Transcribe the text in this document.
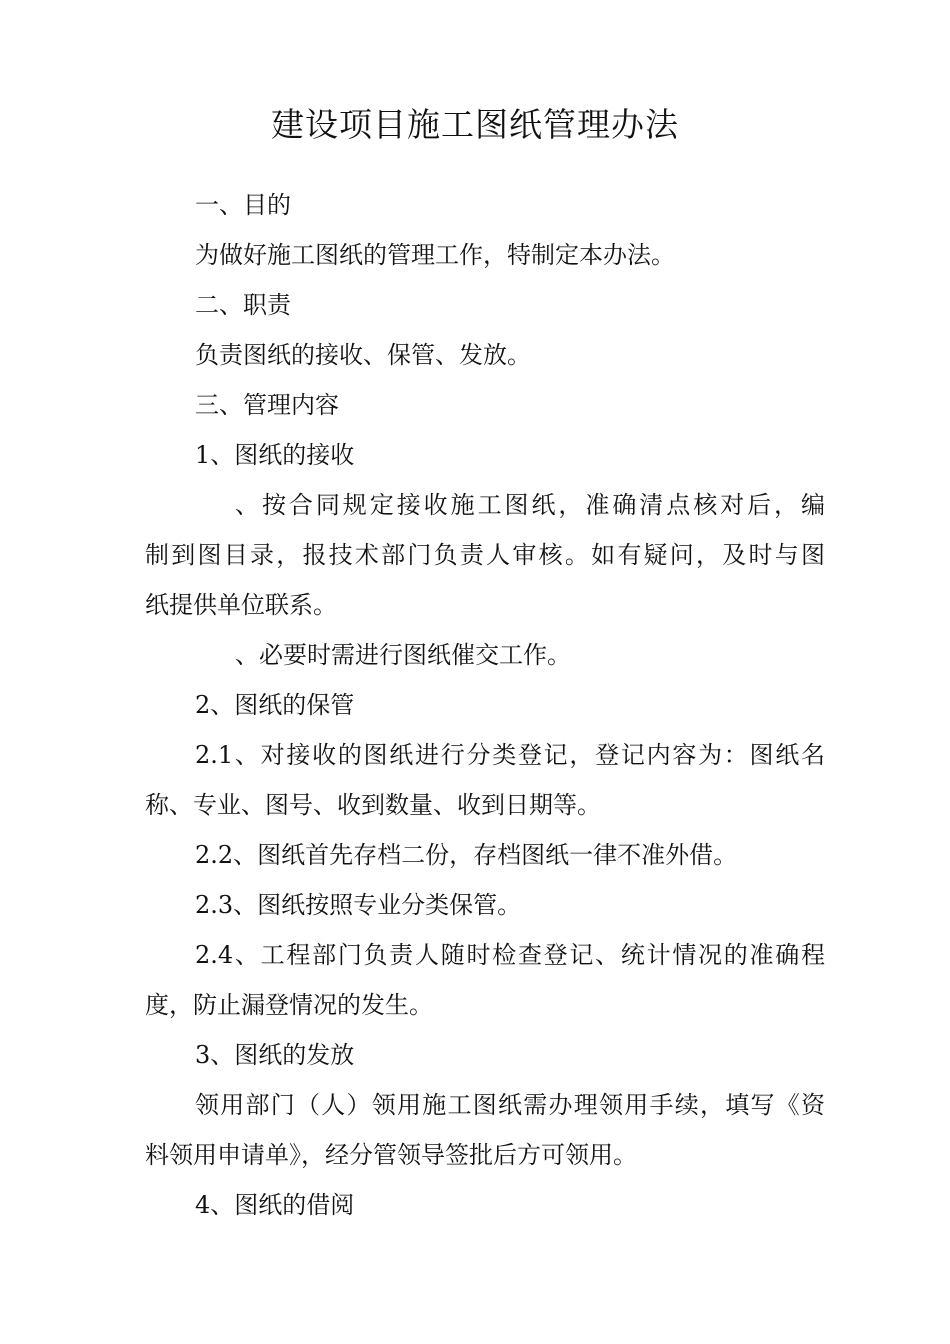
建设项目施工图纸管理办法

一、目的

为做好施工图纸的管理工作，特制定本办法。

二、职责

负责图纸的接收、保管、发放。

三、管理内容

1、图纸的接收

、按合同规定接收施工图纸，准确清点核对后，编

制到图目录，报技术部门负责人审核。如有疑问，及时与图

纸提供单位联系。

、必要时需进行图纸催交工作。

2、图纸的保管

2.1、对接收的图纸进行分类登记，登记内容为：图纸名

称、专业、图号、收到数量、收到日期等。

2.2、图纸首先存档二份，存档图纸一律不准外借。

2.3、图纸按照专业分类保管。

2.4、工程部门负责人随时检查登记、统计情况的准确程

度，防止漏登情况的发生。

3、图纸的发放

领用部门（人）领用施工图纸需办理领用手续，填写《资

料领用申请单》，经分管领导签批后方可领用。

4、图纸的借阅
